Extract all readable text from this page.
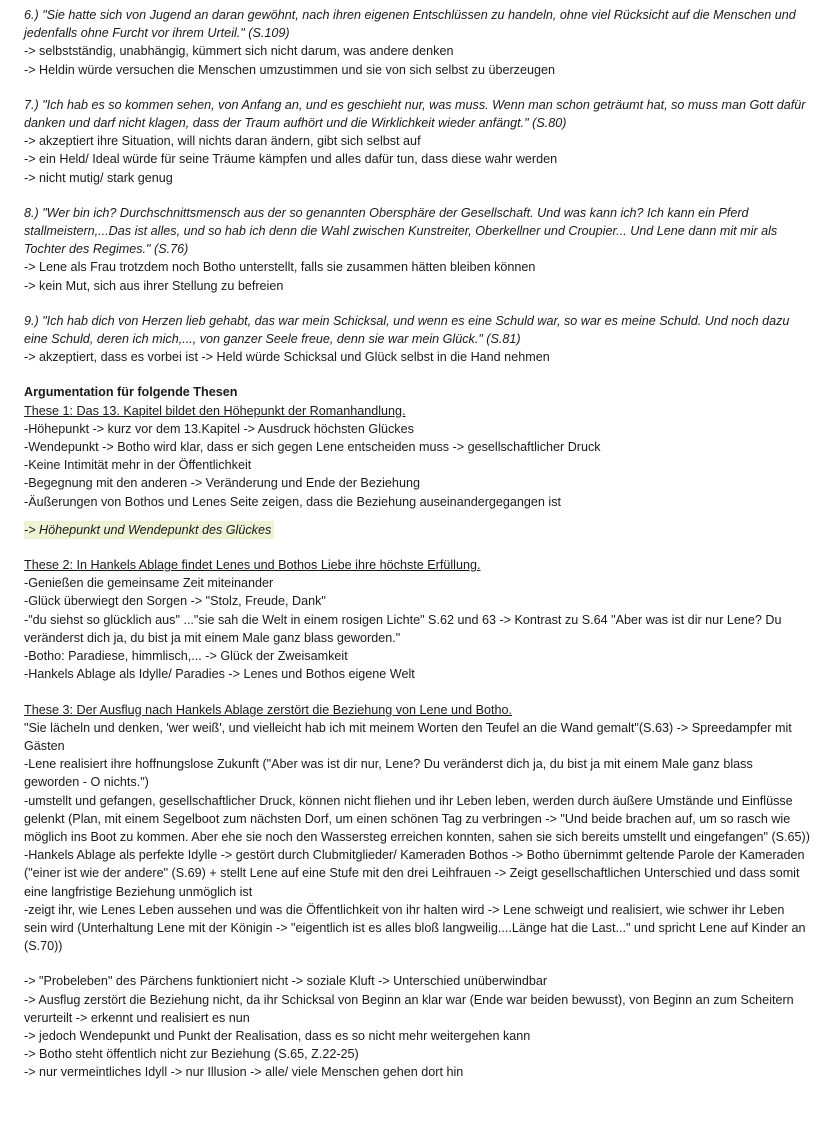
6.) "Sie hatte sich von Jugend an daran gewöhnt, nach ihren eigenen Entschlüssen zu handeln, ohne viel Rücksicht auf die Menschen und jedenfalls ohne Furcht vor ihrem Urteil." (S.109)

-> selbstständig, unabhängig, kümmert sich nicht darum, was andere denken

-> Heldin würde versuchen die Menschen umzustimmen und sie von sich selbst zu überzeugen

7.) "Ich hab es so kommen sehen, von Anfang an, und es geschieht nur, was muss. Wenn man schon geträumt hat, so muss man Gott dafür danken und darf nicht klagen, dass der Traum aufhört und die Wirklichkeit wieder anfängt." (S.80)

-> akzeptiert ihre Situation, will nichts daran ändern, gibt sich selbst auf

-> ein Held/ Ideal würde für seine Träume kämpfen und alles dafür tun, dass diese wahr werden

-> nicht mutig/ stark genug

8.) "Wer bin ich? Durchschnittsmensch aus der so genannten Obersphäre der Gesellschaft. Und was kann ich? Ich kann ein Pferd stallmeistern,...Das ist alles, und so hab ich denn die Wahl zwischen Kunstreiter, Oberkellner und Croupier... Und Lene dann mit mir als Tochter des Regimes." (S.76)

-> Lene als Frau trotzdem noch Botho unterstellt, falls sie zusammen hätten bleiben können

-> kein Mut, sich aus ihrer Stellung zu befreien

9.) "Ich hab dich von Herzen lieb gehabt, das war mein Schicksal, und wenn es eine Schuld war, so war es meine Schuld. Und noch dazu eine Schuld, deren ich mich,..., von ganzer Seele freue, denn sie war mein Glück." (S.81)

-> akzeptiert, dass es vorbei ist -> Held würde Schicksal und Glück selbst in die Hand nehmen

Argumentation für folgende Thesen

These 1: Das 13. Kapitel bildet den Höhepunkt der Romanhandlung.

-Höhepunkt -> kurz vor dem 13.Kapitel -> Ausdruck höchsten Glückes

-Wendepunkt -> Botho wird klar, dass er sich gegen Lene entscheiden muss -> gesellschaftlicher Druck

-Keine Intimität mehr in der Öffentlichkeit

-Begegnung mit den anderen -> Veränderung und Ende der Beziehung

-Äußerungen von Bothos und Lenes Seite zeigen, dass die Beziehung auseinandergegangen ist

-> Höhepunkt und Wendepunkt des Glückes

These 2: In Hankels Ablage findet Lenes und Bothos Liebe ihre höchste Erfüllung.

-Genießen die gemeinsame Zeit miteinander

-Glück überwiegt den Sorgen -> "Stolz, Freude, Dank"

-"du siehst so glücklich aus" ..."sie sah die Welt in einem rosigen Lichte" S.62 und 63 -> Kontrast zu S.64 "Aber was ist dir nur Lene? Du veränderst dich ja, du bist ja mit einem Male ganz blass geworden."

-Botho: Paradiese, himmlisch,... -> Glück der Zweisamkeit

-Hankels Ablage als Idylle/ Paradies -> Lenes und Bothos eigene Welt

These 3: Der Ausflug nach Hankels Ablage zerstört die Beziehung von Lene und Botho.

"Sie lächeln und denken, 'wer weiß', und vielleicht hab ich mit meinem Worten den Teufel an die Wand gemalt"(S.63) -> Spreedampfer mit Gästen

-Lene realisiert ihre hoffnungslose Zukunft ("Aber was ist dir nur, Lene? Du veränderst dich ja, du bist ja mit einem Male ganz blass geworden - O nichts.")

-umstellt und gefangen, gesellschaftlicher Druck, können nicht fliehen und ihr Leben leben, werden durch äußere Umstände und Einflüsse gelenkt (Plan, mit einem Segelboot zum nächsten Dorf, um einen schönen Tag zu verbringen -> "Und beide brachen auf, um so rasch wie möglich ins Boot zu kommen. Aber ehe sie noch den Wassersteg erreichen konnten, sahen sie sich bereits umstellt und eingefangen" (S.65))

-Hankels Ablage als perfekte Idylle -> gestört durch Clubmitglieder/ Kameraden Bothos -> Botho übernimmt geltende Parole der Kameraden ("einer ist wie der andere" (S.69) + stellt Lene auf eine Stufe mit den drei Leihfrauen -> Zeigt gesellschaftlichen Unterschied und dass somit eine langfristige Beziehung unmöglich ist

-zeigt ihr, wie Lenes Leben aussehen und was die Öffentlichkeit von ihr halten wird -> Lene schweigt und realisiert, wie schwer ihr Leben sein wird (Unterhaltung Lene mit der Königin -> "eigentlich ist es alles bloß langweilig....Länge hat die Last..." und spricht Lene auf Kinder an (S.70))

-> "Probeleben" des Pärchens funktioniert nicht -> soziale Kluft -> Unterschied unüberwindbar

-> Ausflug zerstört die Beziehung nicht, da ihr Schicksal von Beginn an klar war (Ende war beiden bewusst), von Beginn an zum Scheitern verurteilt -> erkennt und realisiert es nun

-> jedoch Wendepunkt und Punkt der Realisation, dass es so nicht mehr weitergehen kann

-> Botho steht öffentlich nicht zur Beziehung (S.65, Z.22-25)

-> nur vermeintliches Idyll -> nur Illusion -> alle/ viele Menschen gehen dort hin
